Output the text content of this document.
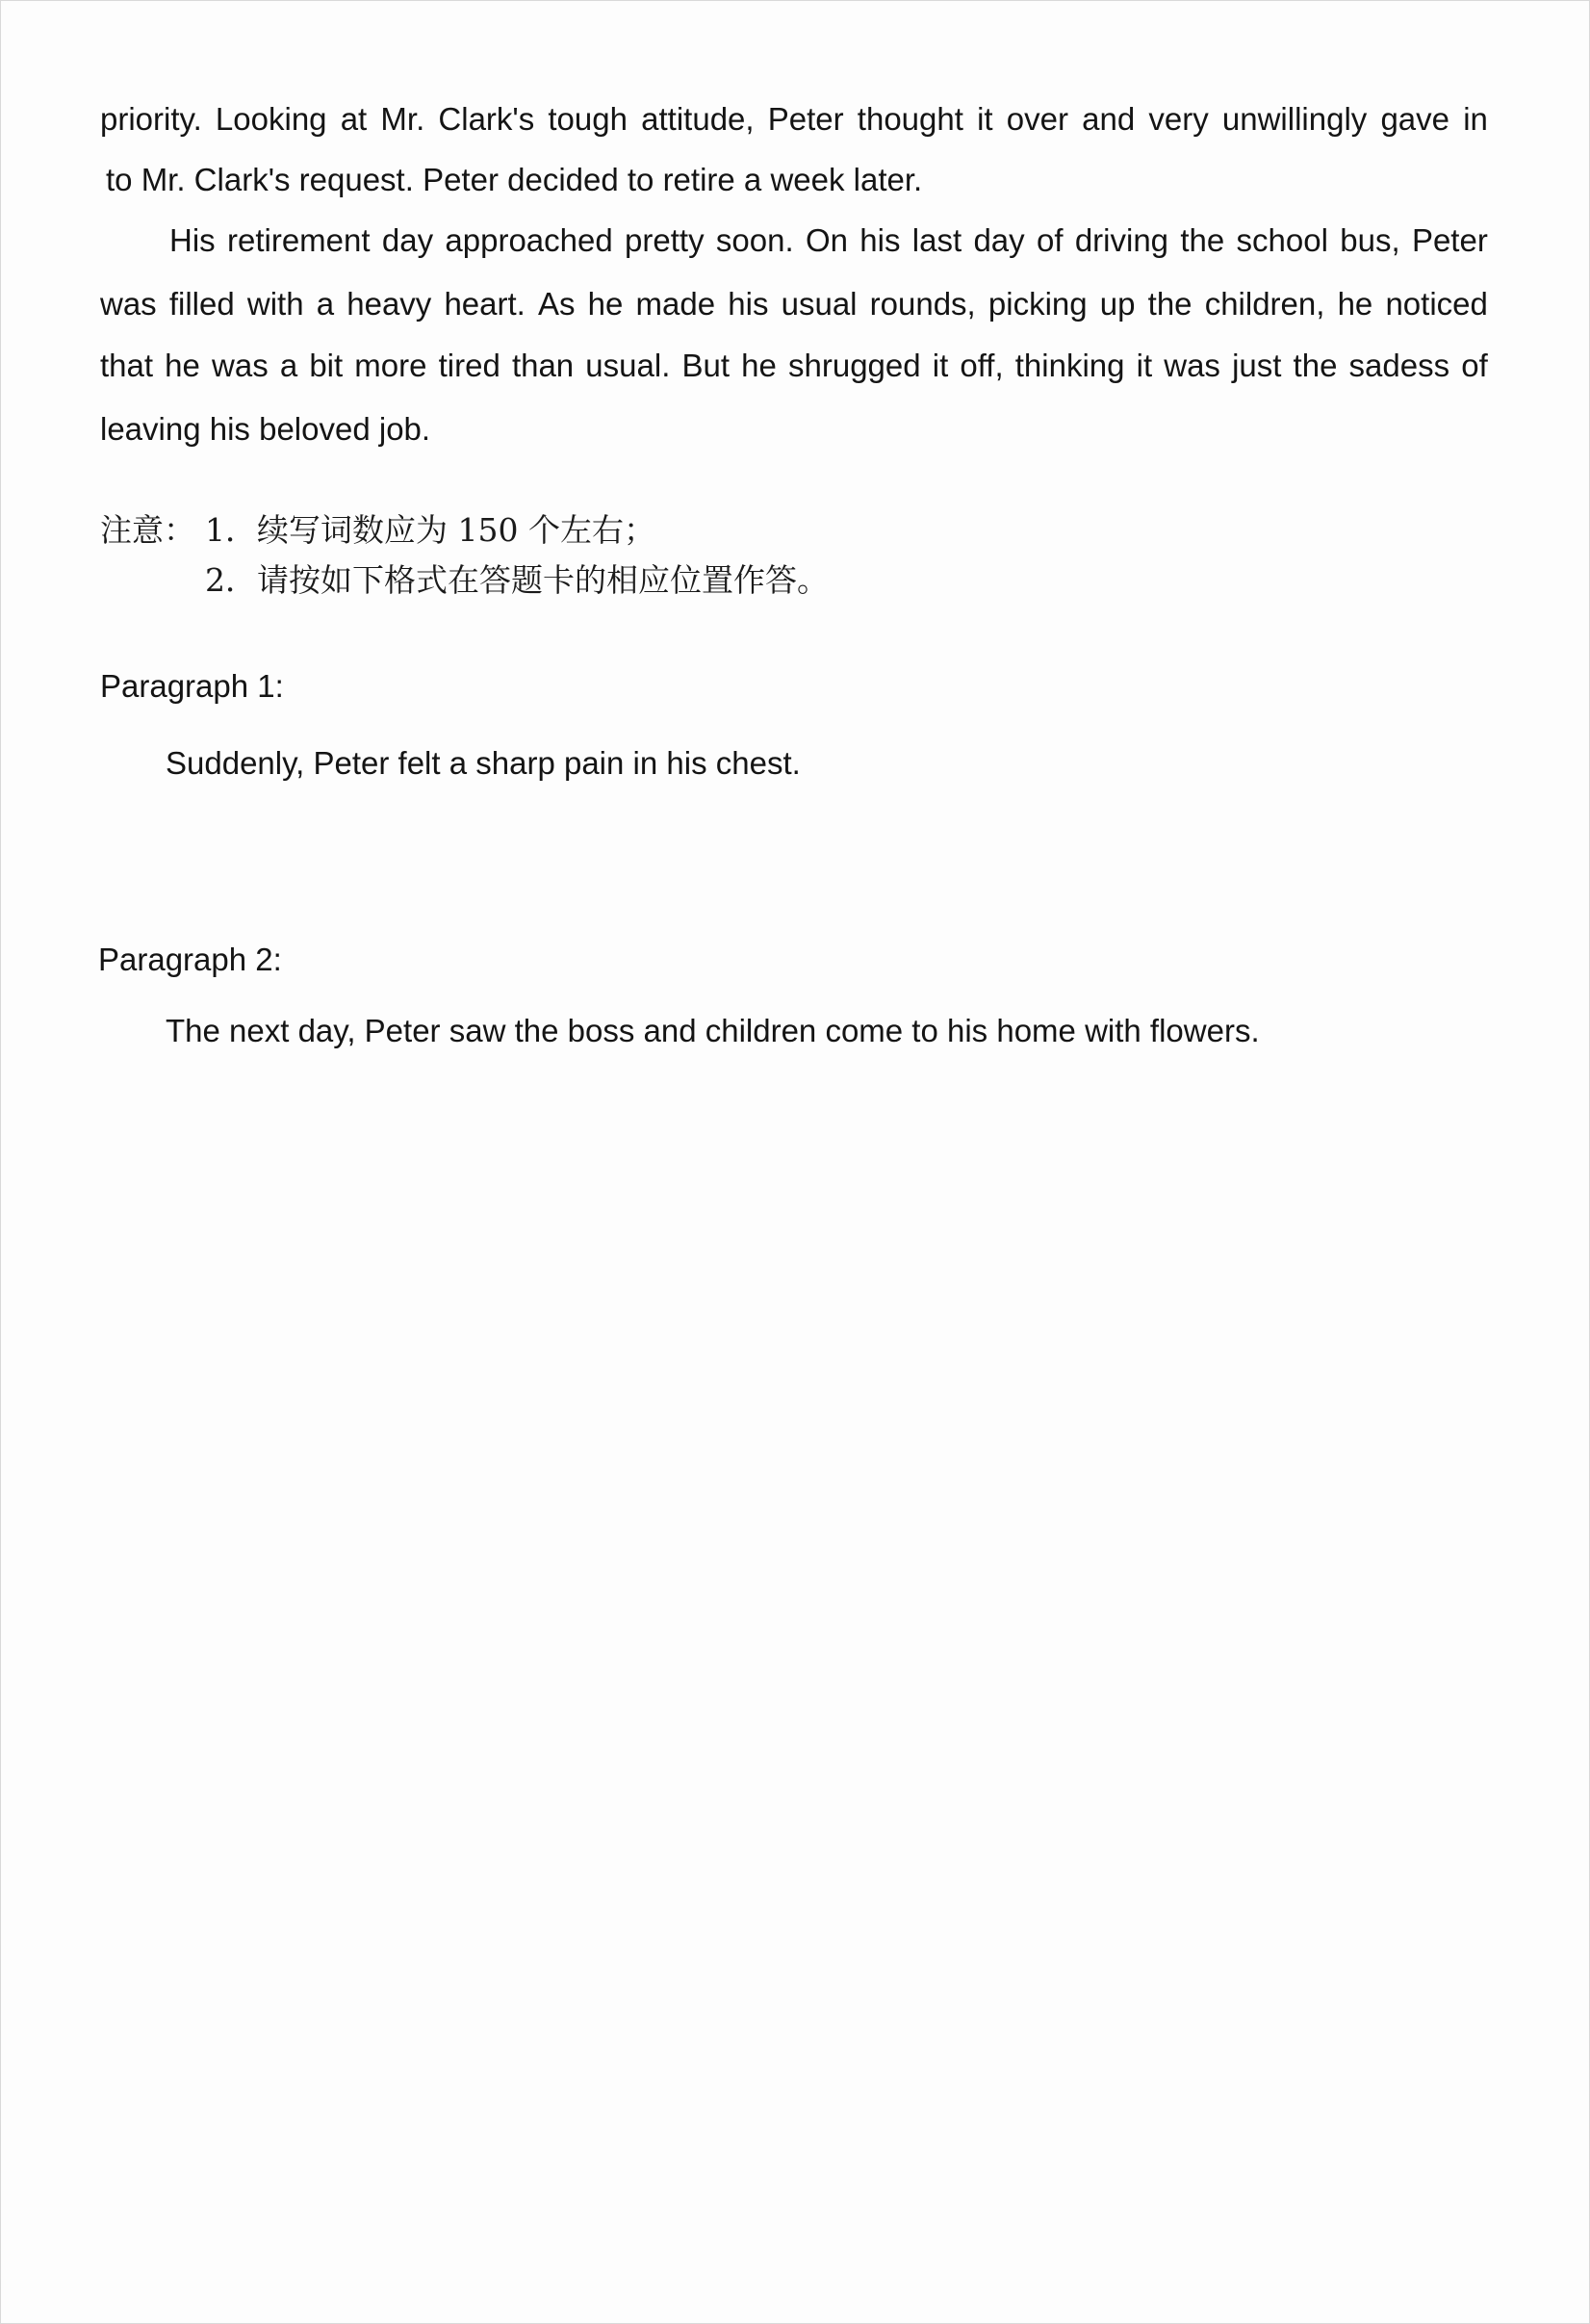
priority. Looking at Mr. Clark's tough attitude, Peter thought it over and very unwillingly gave in
to Mr. Clark's request. Peter decided to retire a week later.
His retirement day approached pretty soon. On his last day of driving the school bus, Peter
was filled with a heavy heart. As he made his usual rounds, picking up the children, he noticed
that he was a bit more tired than usual. But he shrugged it off, thinking it was just the sadess of
leaving his beloved job.
注意： 1．续写词数应为 150 个左右；
2．请按如下格式在答题卡的相应位置作答。
Paragraph 1:
Suddenly, Peter felt a sharp pain in his chest.
Paragraph 2:
The next day, Peter saw the boss and children come to his home with flowers.
